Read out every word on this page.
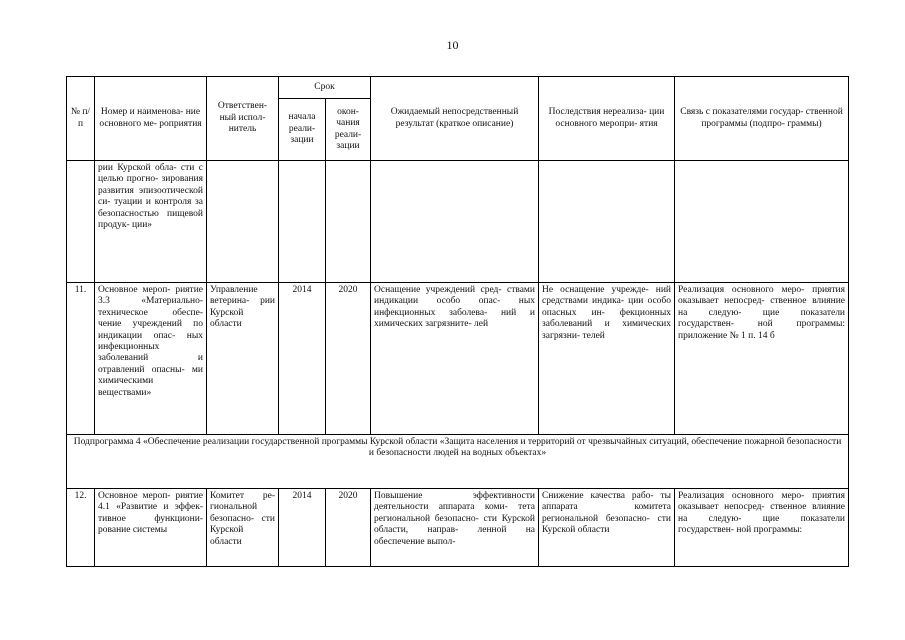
10
№ п/п	Номер и наименова- ние основного ме- роприятия	Ответствен- ный испол- нитель	Срок		Ожидаемый непосредственный результат (краткое описание)	Последствия нереализа- ции основного меропри- ятия	Связь с показателями государ- ственной программы (подпро- граммы)
			начала реали- зации	окон- чания реали- зации			
	рии Курской обла- сти с целью прогно- зирования развития эпизоотической си- туации и контроля за безопасностью пищевой продук- ции»						
11.	Основное мероп- риятие 3.3 «Материально- техническое обеспе- чение учреждений по индикации опас- ных инфекционных заболеваний и отравлений опасны- ми химическими веществами»	Управление ветерина- рии Курской области	2014	2020	Оснащение учреждений сред- ствами индикации особо опас- ных инфекционных заболева- ний и химических загрязните- лей	Не оснащение учрежде- ний средствами индика- ции особо опасных ин- фекционных заболеваний и химических загрязни- телей	Реализация основного меро- приятия оказывает непосред- ственное влияние на следую- щие показатели государствен- ной программы: приложение № 1 п. 14 б
Подпрограмма 4 «Обеспечение реализации государственной программы Курской области «Защита населения и территорий от чрезвычайных ситуаций, обеспечение пожарной безопасности и безопасности людей на водных объектах»							
12.	Основное мероп- риятие 4.1 «Развитие и эффек- тивное функциони- рование системы	Комитет ре- гиональной безопасно- сти Курской области	2014	2020	Повышение эффективности деятельности аппарата коми- тета региональной безопасно- сти Курской области, направ- ленной на обеспечение выпол-	Снижение качества рабо- ты аппарата комитета региональной безопасно- сти Курской области	Реализация основного меро- приятия оказывает непосред- ственное влияние на следую- щие показатели государствен- ной программы:
